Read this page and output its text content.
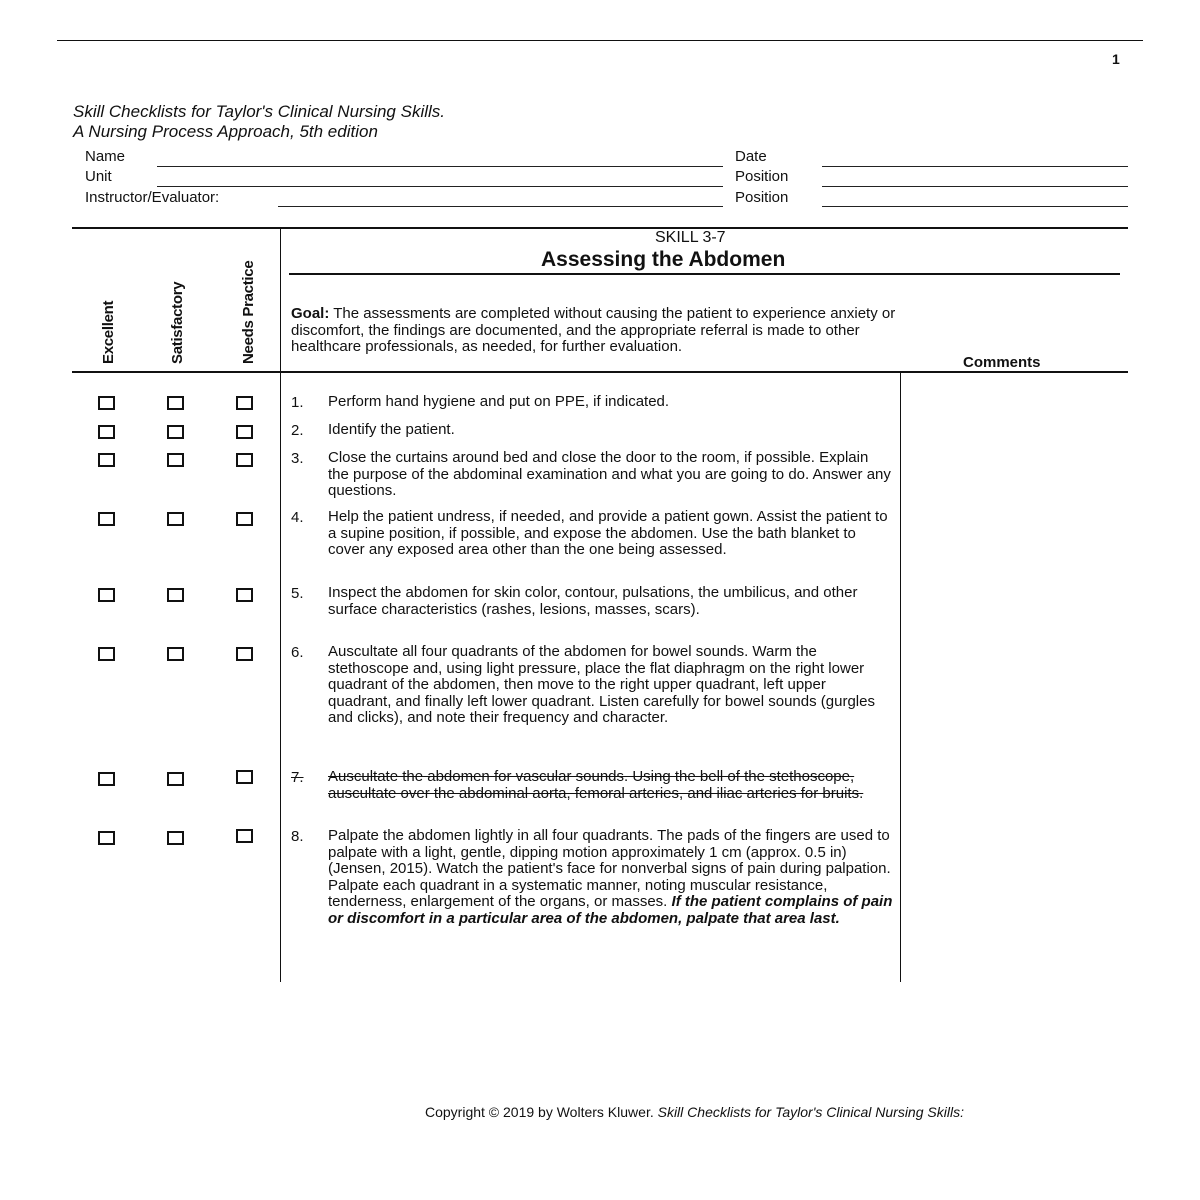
1
Skill Checklists for Taylor's Clinical Nursing Skills.
A Nursing Process Approach, 5th edition
Name	Date
Unit	Position
Instructor/Evaluator:	Position
Excellent	Satisfactory	Needs Practice
SKILL 3-7
Assessing the Abdomen
Goal: The assessments are completed without causing the patient to experience anxiety or discomfort, the findings are documented, and the appropriate referral is made to other healthcare professionals, as needed, for further evaluation.
Comments
1. Perform hand hygiene and put on PPE, if indicated.
2. Identify the patient.
3. Close the curtains around bed and close the door to the room, if possible. Explain the purpose of the abdominal examination and what you are going to do. Answer any questions.
4. Help the patient undress, if needed, and provide a patient gown. Assist the patient to a supine position, if possible, and expose the abdomen. Use the bath blanket to cover any exposed area other than the one being assessed.
5. Inspect the abdomen for skin color, contour, pulsations, the umbilicus, and other surface characteristics (rashes, lesions, masses, scars).
6. Auscultate all four quadrants of the abdomen for bowel sounds. Warm the stethoscope and, using light pressure, place the flat diaphragm on the right lower quadrant of the abdomen, then move to the right upper quadrant, left upper quadrant, and finally left lower quadrant. Listen carefully for bowel sounds (gurgles and clicks), and note their frequency and character.
7. Auscultate the abdomen for vascular sounds. Using the bell of the stethoscope, auscultate over the abdominal aorta, femoral arteries, and iliac arteries for bruits.
8. Palpate the abdomen lightly in all four quadrants. The pads of the fingers are used to palpate with a light, gentle, dipping motion approximately 1 cm (approx. 0.5 in) (Jensen, 2015). Watch the patient's face for nonverbal signs of pain during palpation. Palpate each quadrant in a systematic manner, noting muscular resistance, tenderness, enlargement of the organs, or masses. If the patient complains of pain or discomfort in a particular area of the abdomen, palpate that area last.
Copyright © 2019 by Wolters Kluwer. Skill Checklists for Taylor's Clinical Nursing Skills:
